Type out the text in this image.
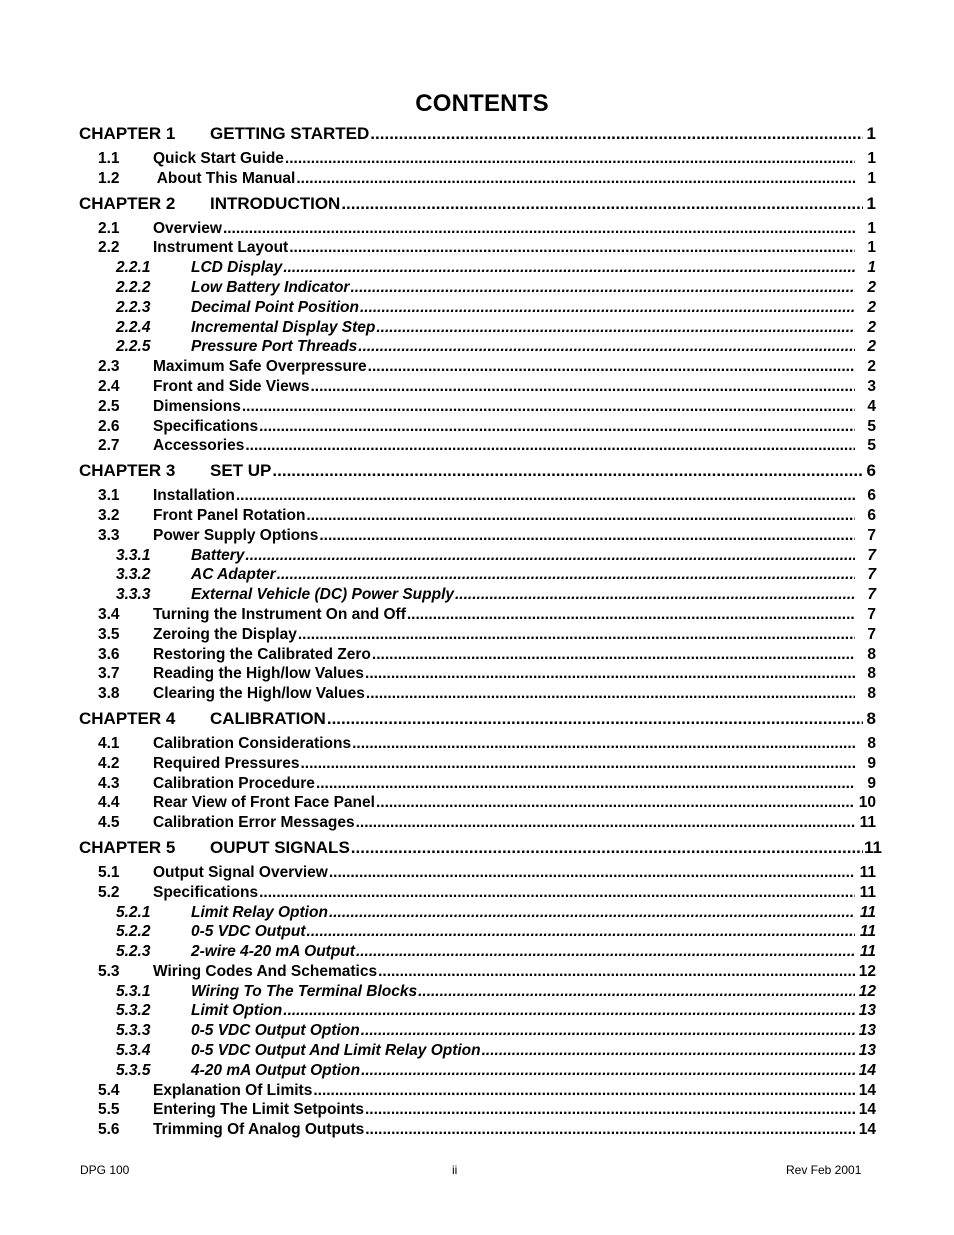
CONTENTS
CHAPTER 1	GETTING STARTED .....	1
1.1	Quick Start Guide .....	1
1.2	About This Manual .....	1
CHAPTER 2	INTRODUCTION .....	1
2.1	Overview .....	1
2.2	Instrument Layout .....	1
2.2.1	LCD Display .....	1
2.2.2	Low Battery Indicator .....	2
2.2.3	Decimal Point Position .....	2
2.2.4	Incremental Display Step .....	2
2.2.5	Pressure Port Threads .....	2
2.3	Maximum Safe Overpressure .....	2
2.4	Front and Side Views .....	3
2.5	Dimensions .....	4
2.6	Specifications .....	5
2.7	Accessories .....	5
CHAPTER 3	SET UP .....	6
3.1	Installation .....	6
3.2	Front Panel Rotation .....	6
3.3	Power Supply Options .....	7
3.3.1	Battery .....	7
3.3.2	AC Adapter .....	7
3.3.3	External Vehicle (DC) Power Supply .....	7
3.4	Turning the Instrument On and Off .....	7
3.5	Zeroing the Display .....	7
3.6	Restoring the Calibrated Zero .....	8
3.7	Reading the High/low Values .....	8
3.8	Clearing the High/low Values .....	8
CHAPTER 4	CALIBRATION .....	8
4.1	Calibration Considerations .....	8
4.2	Required Pressures .....	9
4.3	Calibration Procedure .....	9
4.4	Rear View of Front Face Panel .....	10
4.5	Calibration Error Messages .....	11
CHAPTER 5	OUPUT SIGNALS .....	11
5.1	Output Signal Overview .....	11
5.2	Specifications .....	11
5.2.1	Limit Relay Option .....	11
5.2.2	0-5 VDC Output .....	11
5.2.3	2-wire 4-20 mA Output .....	11
5.3	Wiring Codes And Schematics .....	12
5.3.1	Wiring To The Terminal Blocks .....	12
5.3.2	Limit Option .....	13
5.3.3	0-5 VDC Output Option .....	13
5.3.4	0-5 VDC Output And Limit Relay Option .....	13
5.3.5	4-20 mA Output Option .....	14
5.4	Explanation Of Limits .....	14
5.5	Entering The Limit Setpoints .....	14
5.6	Trimming Of Analog Outputs .....	14
DPG 100	ii	Rev Feb 2001
